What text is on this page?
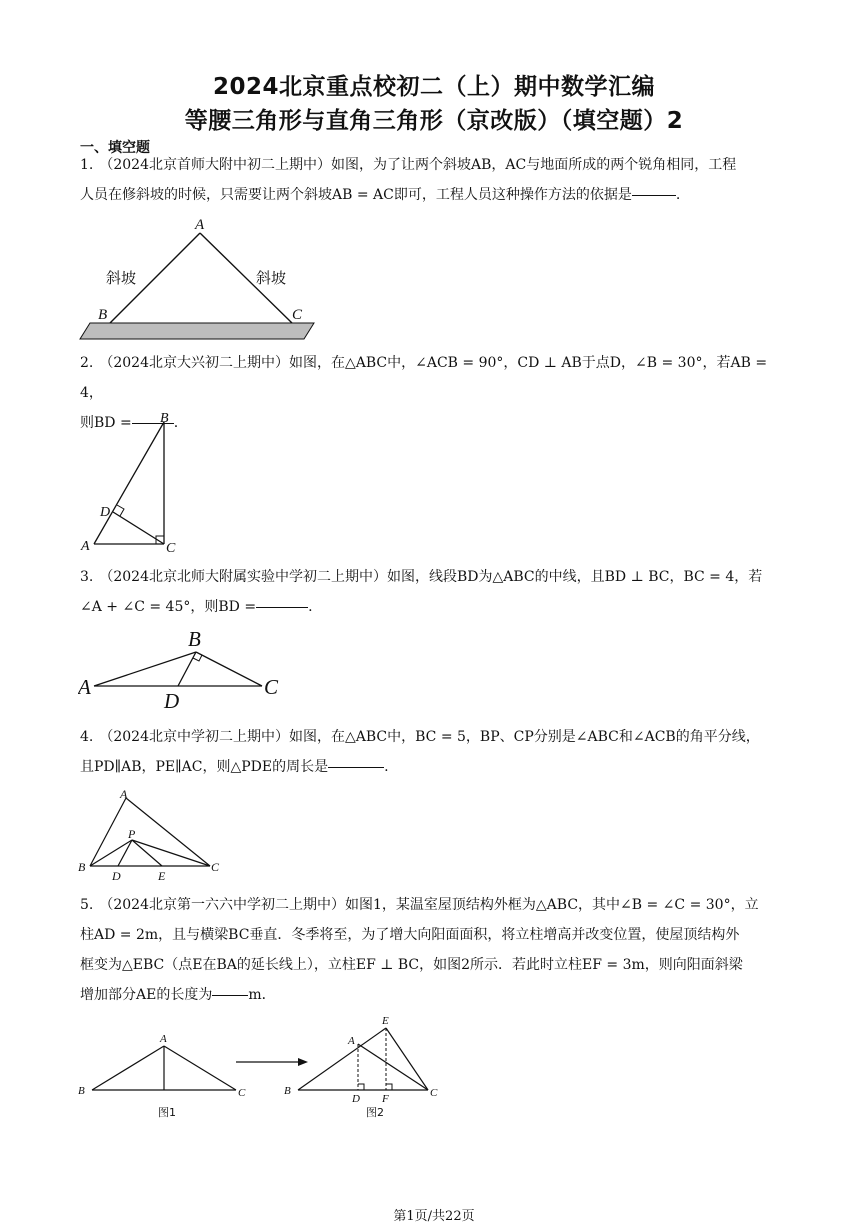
2024北京重点校初二（上）期中数学汇编
等腰三角形与直角三角形（京改版）（填空题）2
一、填空题
1. （2024北京首师大附中初二上期中）如图，为了让两个斜坡AB，AC与地面所成的两个锐角相同，工程
人员在修斜坡的时候，只需要让两个斜坡AB = AC即可，工程人员这种操作方法的依据是	.
A
B	C
斜坡	斜坡
2. （2024北京大兴初二上期中）如图，在△ABC中，∠ACB = 90°，CD ⊥ AB于点D，∠B = 30°，若AB = 4，
则BD =	.
B
D
A	C
3. （2024北京北师大附属实验中学初二上期中）如图，线段BD为△ABC的中线，且BD ⊥ BC，BC = 4，若
∠A + ∠C = 45°，则BD =	.
B
A
D
C
4. （2024北京中学初二上期中）如图，在△ABC中，BC = 5，BP、CP分别是∠ABC和∠ACB的角平分线，
且PD∥AB，PE∥AC，则△PDE的周长是	.
A
P
B
D	E
C
5. （2024北京第一六六中学初二上期中）如图1，某温室屋顶结构外框为△ABC，其中∠B = ∠C = 30°，立
柱AD = 2m，且与横梁BC垂直．冬季将至，为了增大向阳面面积，将立柱增高并改变位置，使屋顶结构外
框变为△EBC（点E在BA的延长线上），立柱EF ⊥ BC，如图2所示．若此时立柱EF = 3m，则向阳面斜梁
增加部分AE的长度为	m．
A
B	C
图1
E
A
B
D F	C
图2
第1页/共22页
